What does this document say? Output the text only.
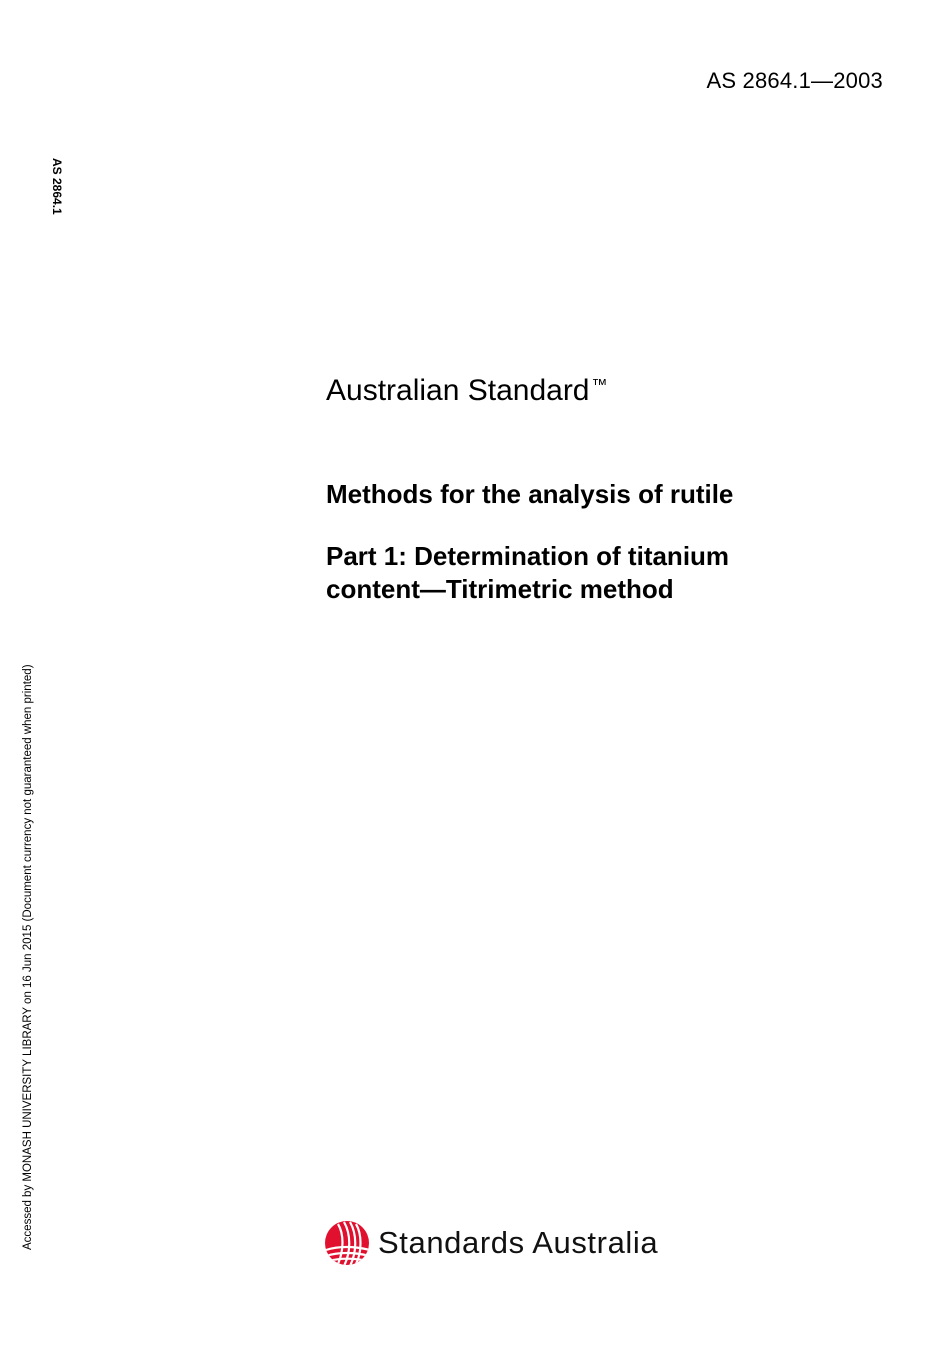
AS 2864.1—2003
AS 2864.1
Accessed by MONASH UNIVERSITY LIBRARY on 16 Jun 2015 (Document currency not guaranteed when printed)
Australian Standard ™
Methods for the analysis of rutile
Part 1: Determination of titanium
content—Titrimetric method
Standards Australia
